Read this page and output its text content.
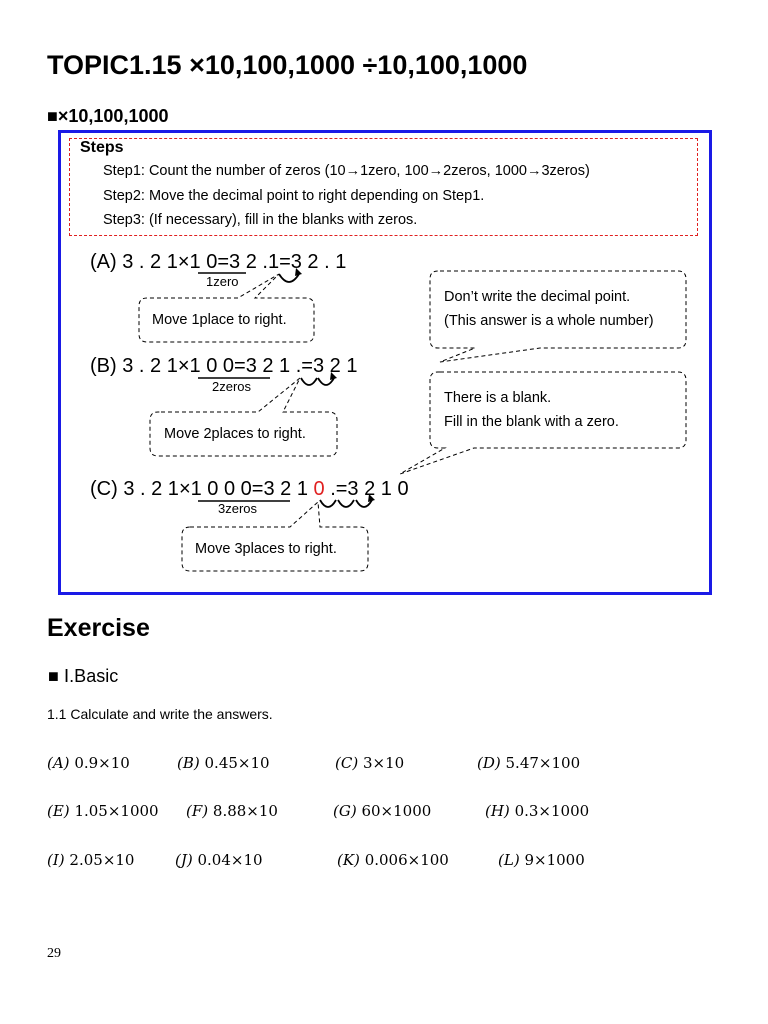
TOPIC1.15 ×10,100,1000 ÷10,100,1000
■×10,100,1000
Steps
Step1: Count the number of zeros (10→1zero, 100→2zeros, 1000→3zeros)
Step2: Move the decimal point to right depending on Step1.
Step3: (If necessary), fill in the blanks with zeros.
(A) 3 . 2 1×1 0=3 2 .1=3 2 . 1
1zero
Move 1place to right.
(B) 3 . 2 1×1 0 0=3 2 1 .=3 2 1
2zeros
Move 2places to right.
(C) 3 . 2 1×1 0 0 0=3 2 1 0 .=3 2 1 0
3zeros
Move 3places to right.
Don’t write the decimal point.
(This answer is a whole number)
There is a blank.
Fill in the blank with a zero.
Exercise
■ Ⅰ.Basic
1.1 Calculate and write the answers.
(A) 0.9×10	(B) 0.45×10	(C) 3×10	(D) 5.47×100
(E) 1.05×1000 (F) 8.88×10	(G) 60×1000	(H) 0.3×1000
(I) 2.05×10	(J) 0.04×10	(K) 0.006×100	(L) 9×1000
29
